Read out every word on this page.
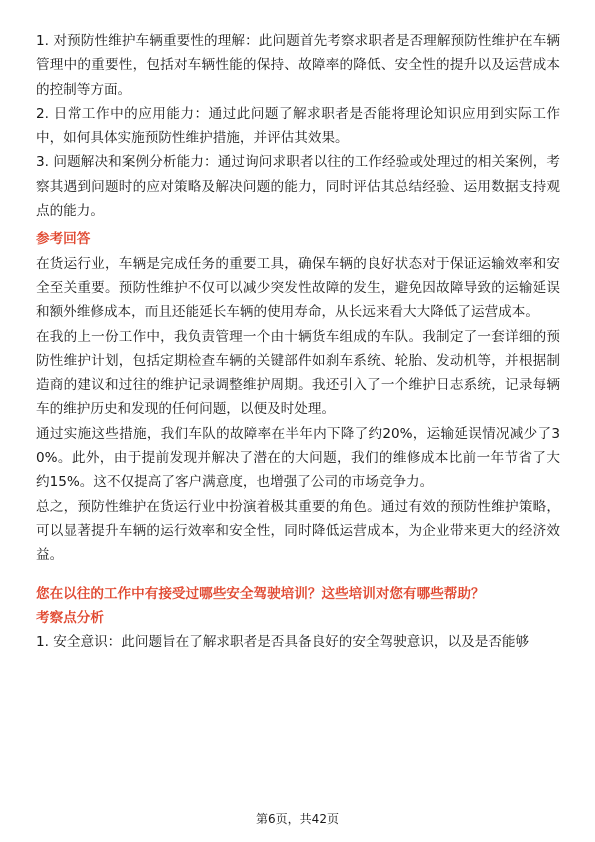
1. 对预防性维护车辆重要性的理解：此问题首先考察求职者是否理解预防性维护在车辆管理中的重要性，包括对车辆性能的保持、故障率的降低、安全性的提升以及运营成本的控制等方面。

2. 日常工作中的应用能力：通过此问题了解求职者是否能将理论知识应用到实际工作中，如何具体实施预防性维护措施，并评估其效果。

3. 问题解决和案例分析能力：通过询问求职者以往的工作经验或处理过的相关案例，考察其遇到问题时的应对策略及解决问题的能力，同时评估其总结经验、运用数据支持观点的能力。

参考回答

在货运行业，车辆是完成任务的重要工具，确保车辆的良好状态对于保证运输效率和安全至关重要。预防性维护不仅可以减少突发性故障的发生，避免因故障导致的运输延误和额外维修成本，而且还能延长车辆的使用寿命，从长远来看大大降低了运营成本。

在我的上一份工作中，我负责管理一个由十辆货车组成的车队。我制定了一套详细的预防性维护计划，包括定期检查车辆的关键部件如刹车系统、轮胎、发动机等，并根据制造商的建议和过往的维护记录调整维护周期。我还引入了一个维护日志系统，记录每辆车的维护历史和发现的任何问题，以便及时处理。

通过实施这些措施，我们车队的故障率在半年内下降了约20%，运输延误情况减少了30%。此外，由于提前发现并解决了潜在的大问题，我们的维修成本比前一年节省了大约15%。这不仅提高了客户满意度，也增强了公司的市场竞争力。

总之，预防性维护在货运行业中扮演着极其重要的角色。通过有效的预防性维护策略，可以显著提升车辆的运行效率和安全性，同时降低运营成本，为企业带来更大的经济效益。

您在以往的工作中有接受过哪些安全驾驶培训？这些培训对您有哪些帮助？

考察点分析

1. 安全意识：此问题旨在了解求职者是否具备良好的安全驾驶意识，以及是否能够

第6页，共42页
